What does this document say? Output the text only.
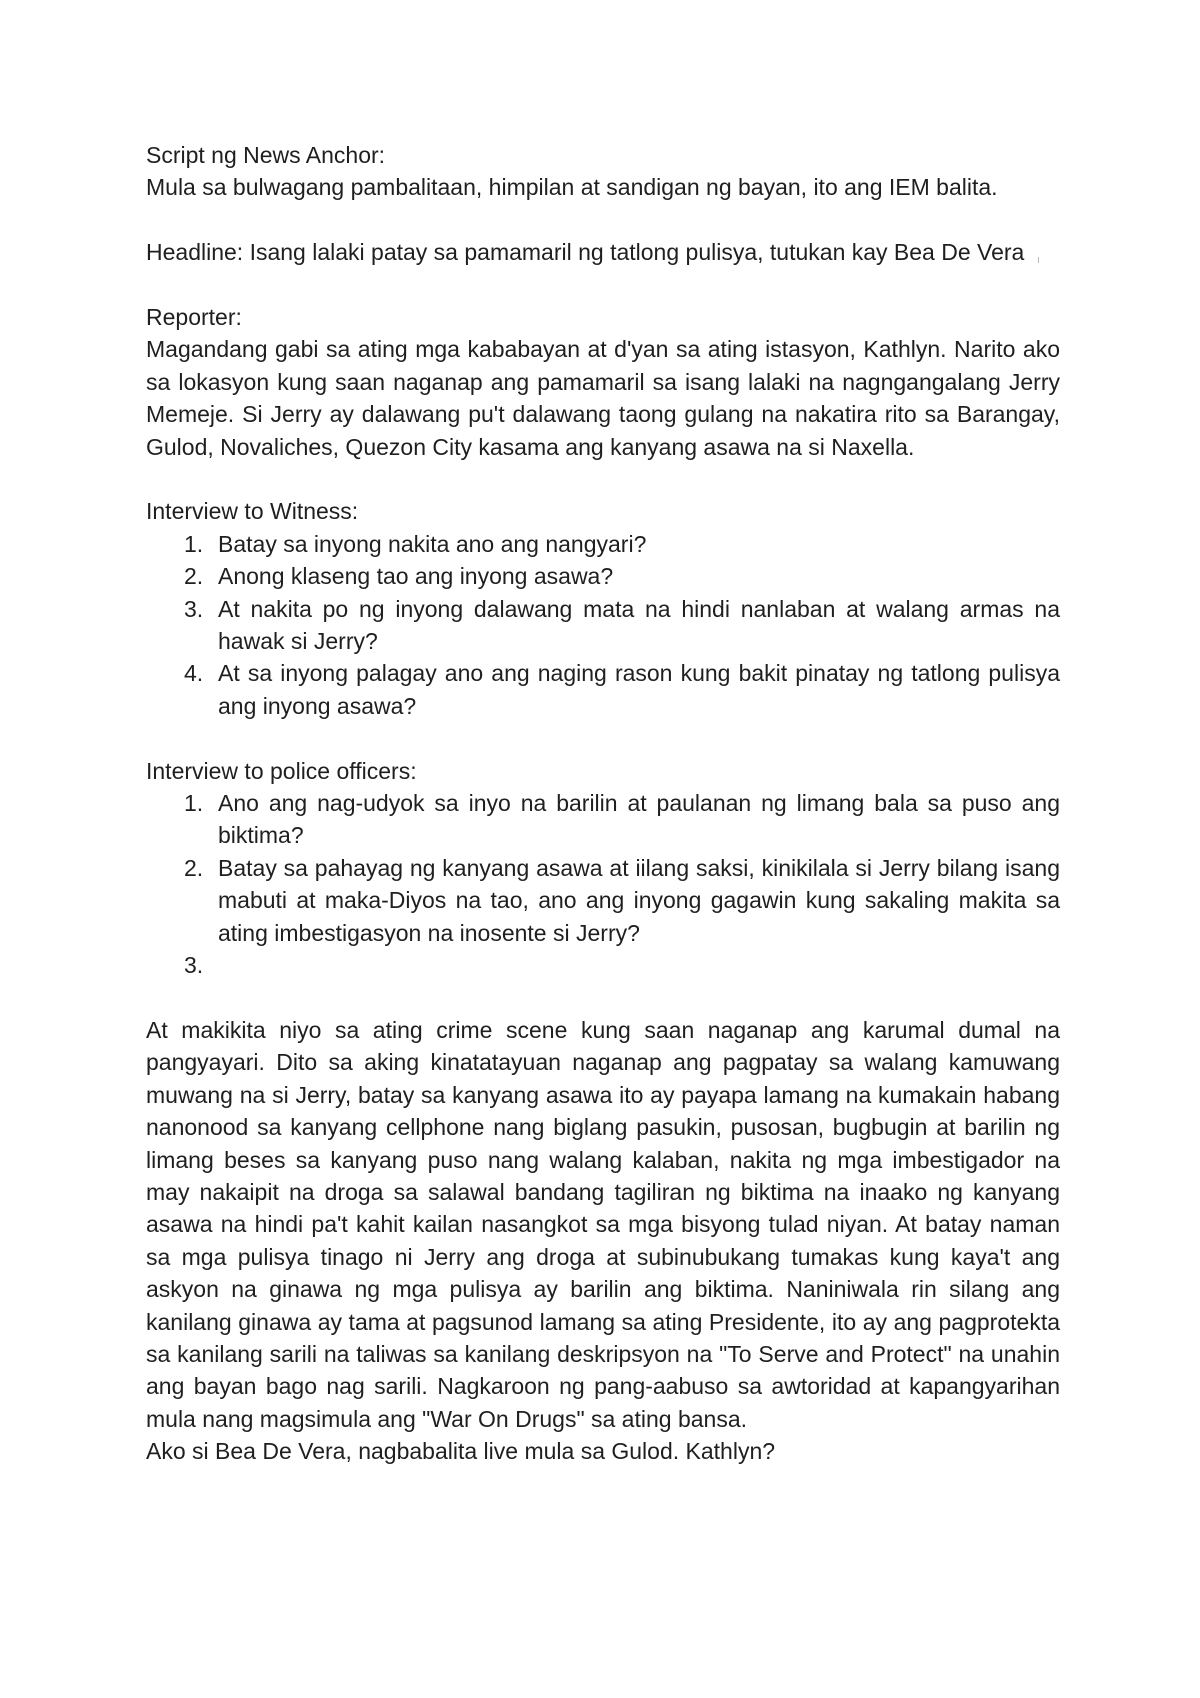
Script ng News Anchor:

Mula sa bulwagang pambalitaan, himpilan at sandigan ng bayan, ito ang IEM balita.

Headline: Isang lalaki patay sa pamamaril ng tatlong pulisya, tutukan kay Bea De Vera

Reporter:

Magandang gabi sa ating mga kababayan at d'yan sa ating istasyon, Kathlyn. Narito ako sa lokasyon kung saan naganap ang pamamaril sa isang lalaki na nagngangalang Jerry Memeje. Si Jerry ay dalawang pu't dalawang taong gulang na nakatira rito sa Barangay, Gulod, Novaliches, Quezon City kasama ang kanyang asawa na si Naxella.

Interview to Witness:

1. Batay sa inyong nakita ano ang nangyari?
2. Anong klaseng tao ang inyong asawa?
3. At nakita po ng inyong dalawang mata na hindi nanlaban at walang armas na hawak si Jerry?
4. At sa inyong palagay ano ang naging rason kung bakit pinatay ng tatlong pulisya ang inyong asawa?

Interview to police officers:

1. Ano ang nag-udyok sa inyo na barilin at paulanan ng limang bala sa puso ang biktima?
2. Batay sa pahayag ng kanyang asawa at iilang saksi, kinikilala si Jerry bilang isang mabuti at maka-Diyos na tao, ano ang inyong gagawin kung sakaling makita sa ating imbestigasyon na inosente si Jerry?
3.

At makikita niyo sa ating crime scene kung saan naganap ang karumal dumal na pangyayari. Dito sa aking kinatatayuan naganap ang pagpatay sa walang kamuwang muwang na si Jerry, batay sa kanyang asawa ito ay payapa lamang na kumakain habang nanonood sa kanyang cellphone nang biglang pasukin, pusosan, bugbugin at barilin ng limang beses sa kanyang puso nang walang kalaban, nakita ng mga imbestigador na may nakaipit na droga sa salawal bandang tagiliran ng biktima na inaako ng kanyang asawa na hindi pa't kahit kailan nasangkot sa mga bisyong tulad niyan. At batay naman sa mga pulisya tinago ni Jerry ang droga at subinubukang tumakas kung kaya't ang askyon na ginawa ng mga pulisya ay barilin ang biktima. Naniniwala rin silang ang kanilang ginawa ay tama at pagsunod lamang sa ating Presidente, ito ay ang pagprotekta sa kanilang sarili na taliwas sa kanilang deskripsyon na "To Serve and Protect" na unahin ang bayan bago nag sarili. Nagkaroon ng pang-aabuso sa awtoridad at kapangyarihan mula nang magsimula ang "War On Drugs" sa ating bansa.

Ako si Bea De Vera, nagbabalita live mula sa Gulod. Kathlyn?
